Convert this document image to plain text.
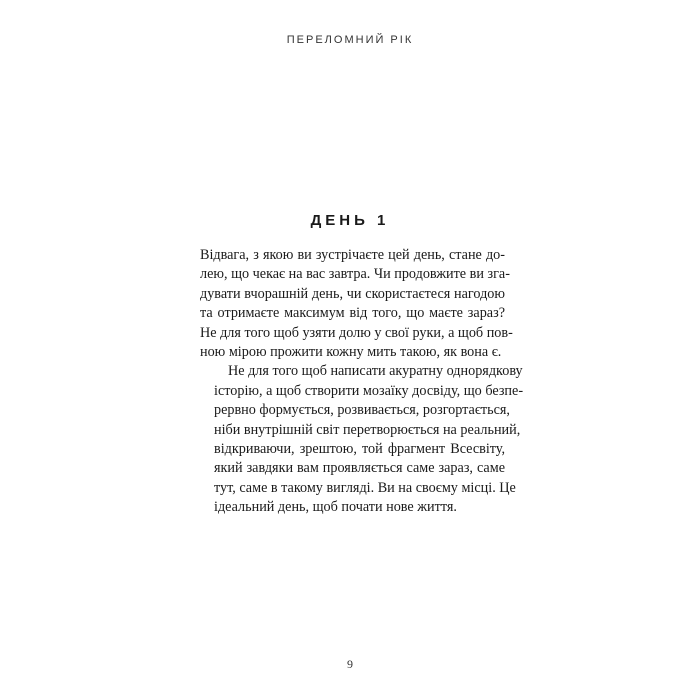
ПЕРЕЛОМНИЙ РІК
ДЕНЬ 1

Відвага, з якою ви зустрічаєте цей день, стане до-
лею, що чекає на вас завтра. Чи продовжите ви зга-
дувати вчорашній день, чи скористаєтеся нагодою
та отримаєте максимум від того, що маєте зараз?
Не для того щоб узяти долю у свої руки, а щоб пов-
ною мірою прожити кожну мить такою, як вона є.

Не для того щоб написати акуратну однорядкову
історію, а щоб створити мозаїку досвіду, що безпе-
рервно формується, розвивається, розгортається,
ніби внутрішній світ перетворюється на реальний,
відкриваючи, зрештою, той фрагмент Всесвіту,
який завдяки вам проявляється саме зараз, саме
тут, саме в такому вигляді. Ви на своєму місці. Це
ідеальний день, щоб почати нове життя.

9
